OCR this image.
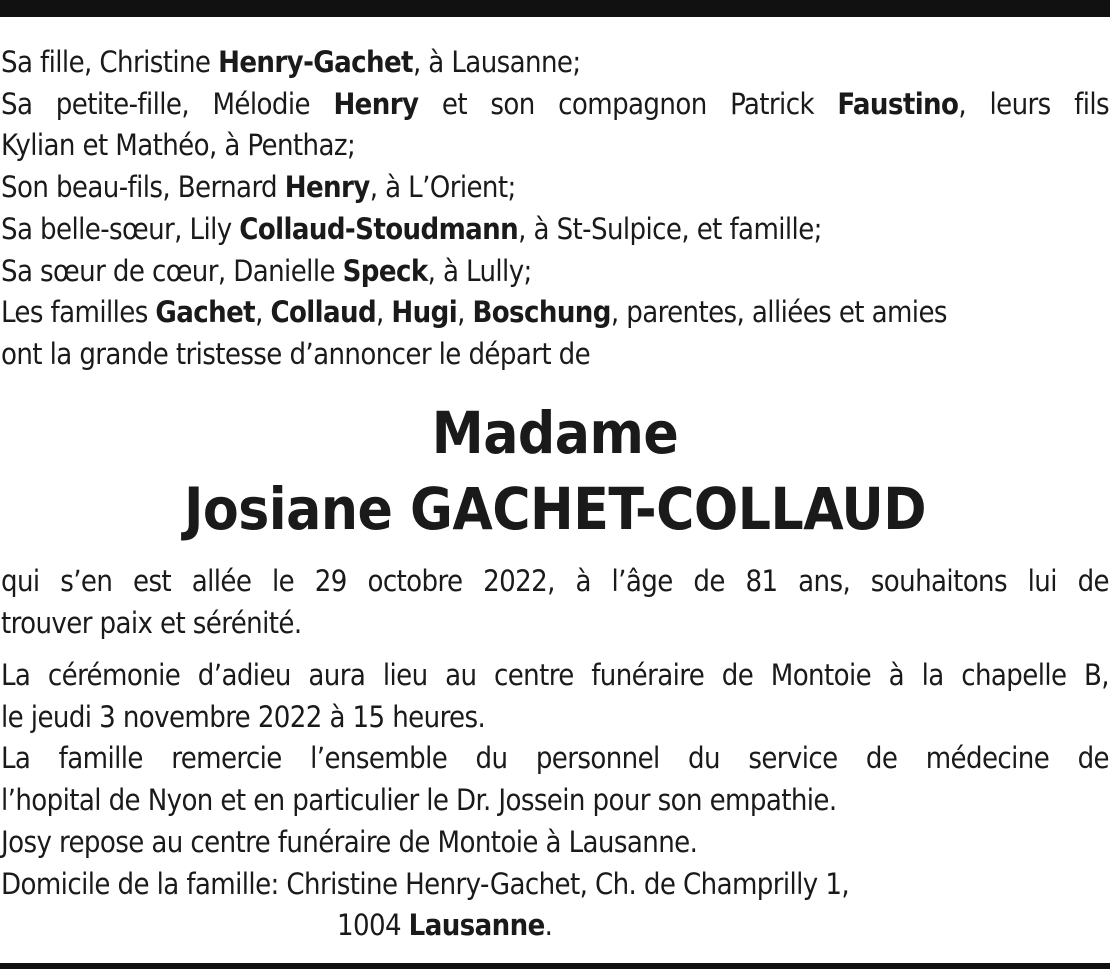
Sa fille, Christine Henry-Gachet, à Lausanne;
Sa petite-fille, Mélodie Henry et son compagnon Patrick Faustino, leurs fils
Kylian et Mathéo, à Penthaz;
Son beau-fils, Bernard Henry, à L’Orient;
Sa belle-sœur, Lily Collaud-Stoudmann, à St-Sulpice, et famille;
Sa sœur de cœur, Danielle Speck, à Lully;
Les familles Gachet, Collaud, Hugi, Boschung, parentes, alliées et amies
ont la grande tristesse d’annoncer le départ de
Madame
Josiane GACHET-COLLAUD
qui s’en est allée le 29 octobre 2022, à l’âge de 81 ans, souhaitons lui de
trouver paix et sérénité.
La cérémonie d’adieu aura lieu au centre funéraire de Montoie à la chapelle B,
le jeudi 3 novembre 2022 à 15 heures.
La famille remercie l’ensemble du personnel du service de médecine de
l’hopital de Nyon et en particulier le Dr. Jossein pour son empathie.
Josy repose au centre funéraire de Montoie à Lausanne.
Domicile de la famille: Christine Henry-Gachet, Ch. de Champrilly 1,
1004 Lausanne.
